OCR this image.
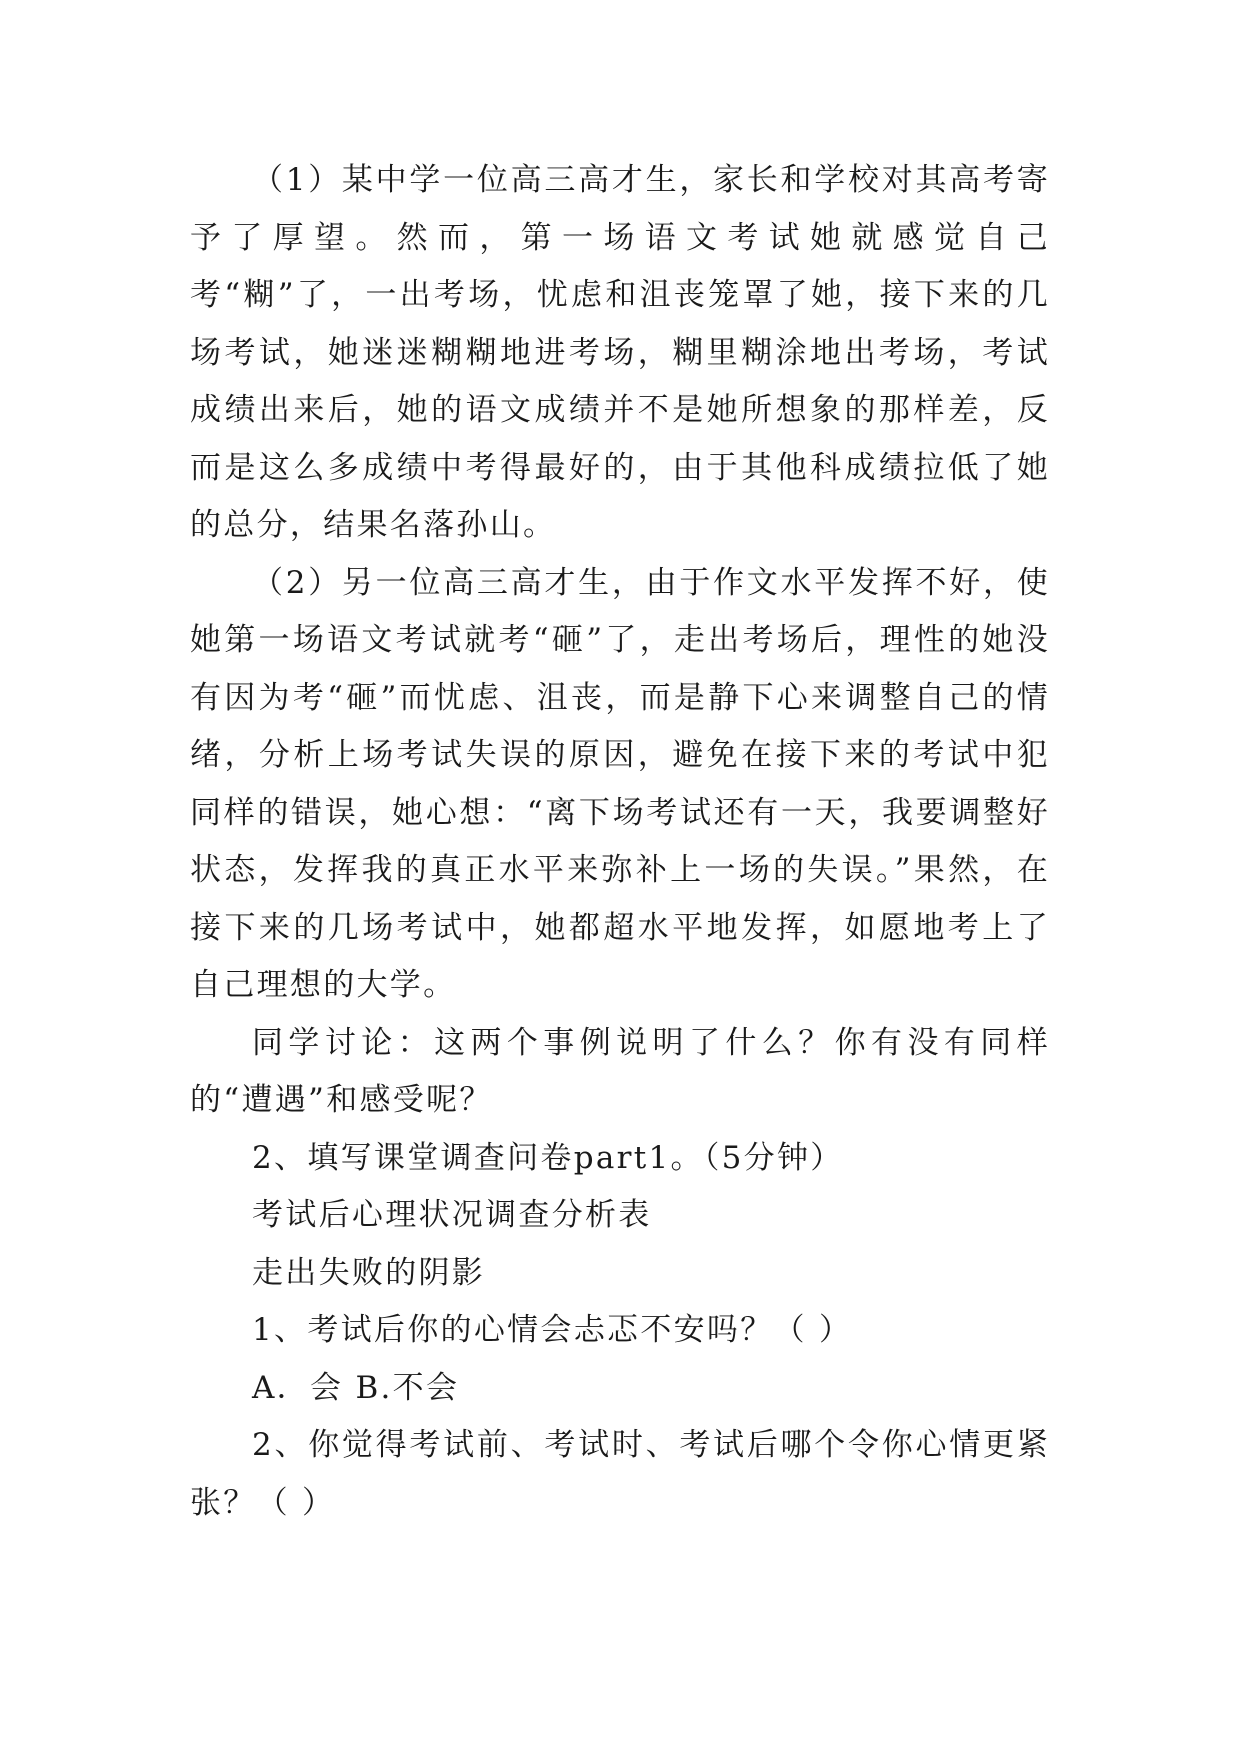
（1）某中学一位高三高才生，家长和学校对其高考寄予了厚望。然而，第一场语文考试她就感觉自己考“糊”了，一出考场，忧虑和沮丧笼罩了她，接下来的几场考试，她迷迷糊糊地进考场，糊里糊涂地出考场，考试成绩出来后，她的语文成绩并不是她所想象的那样差，反而是这么多成绩中考得最好的，由于其他科成绩拉低了她的总分，结果名落孙山。

（2）另一位高三高才生，由于作文水平发挥不好，使她第一场语文考试就考“砸”了，走出考场后，理性的她没有因为考“砸”而忧虑、沮丧，而是静下心来调整自己的情绪，分析上场考试失误的原因，避免在接下来的考试中犯同样的错误，她心想：“离下场考试还有一天，我要调整好状态，发挥我的真正水平来弥补上一场的失误。”果然，在接下来的几场考试中，她都超水平地发挥，如愿地考上了自己理想的大学。

同学讨论：这两个事例说明了什么？你有没有同样的“遭遇”和感受呢？

2、填写课堂调查问卷part1。（5分钟）

考试后心理状况调查分析表

走出失败的阴影

1、考试后你的心情会忐忑不安吗？（ ）

A．会 B.不会

2、你觉得考试前、考试时、考试后哪个令你心情更紧张？（ ）
